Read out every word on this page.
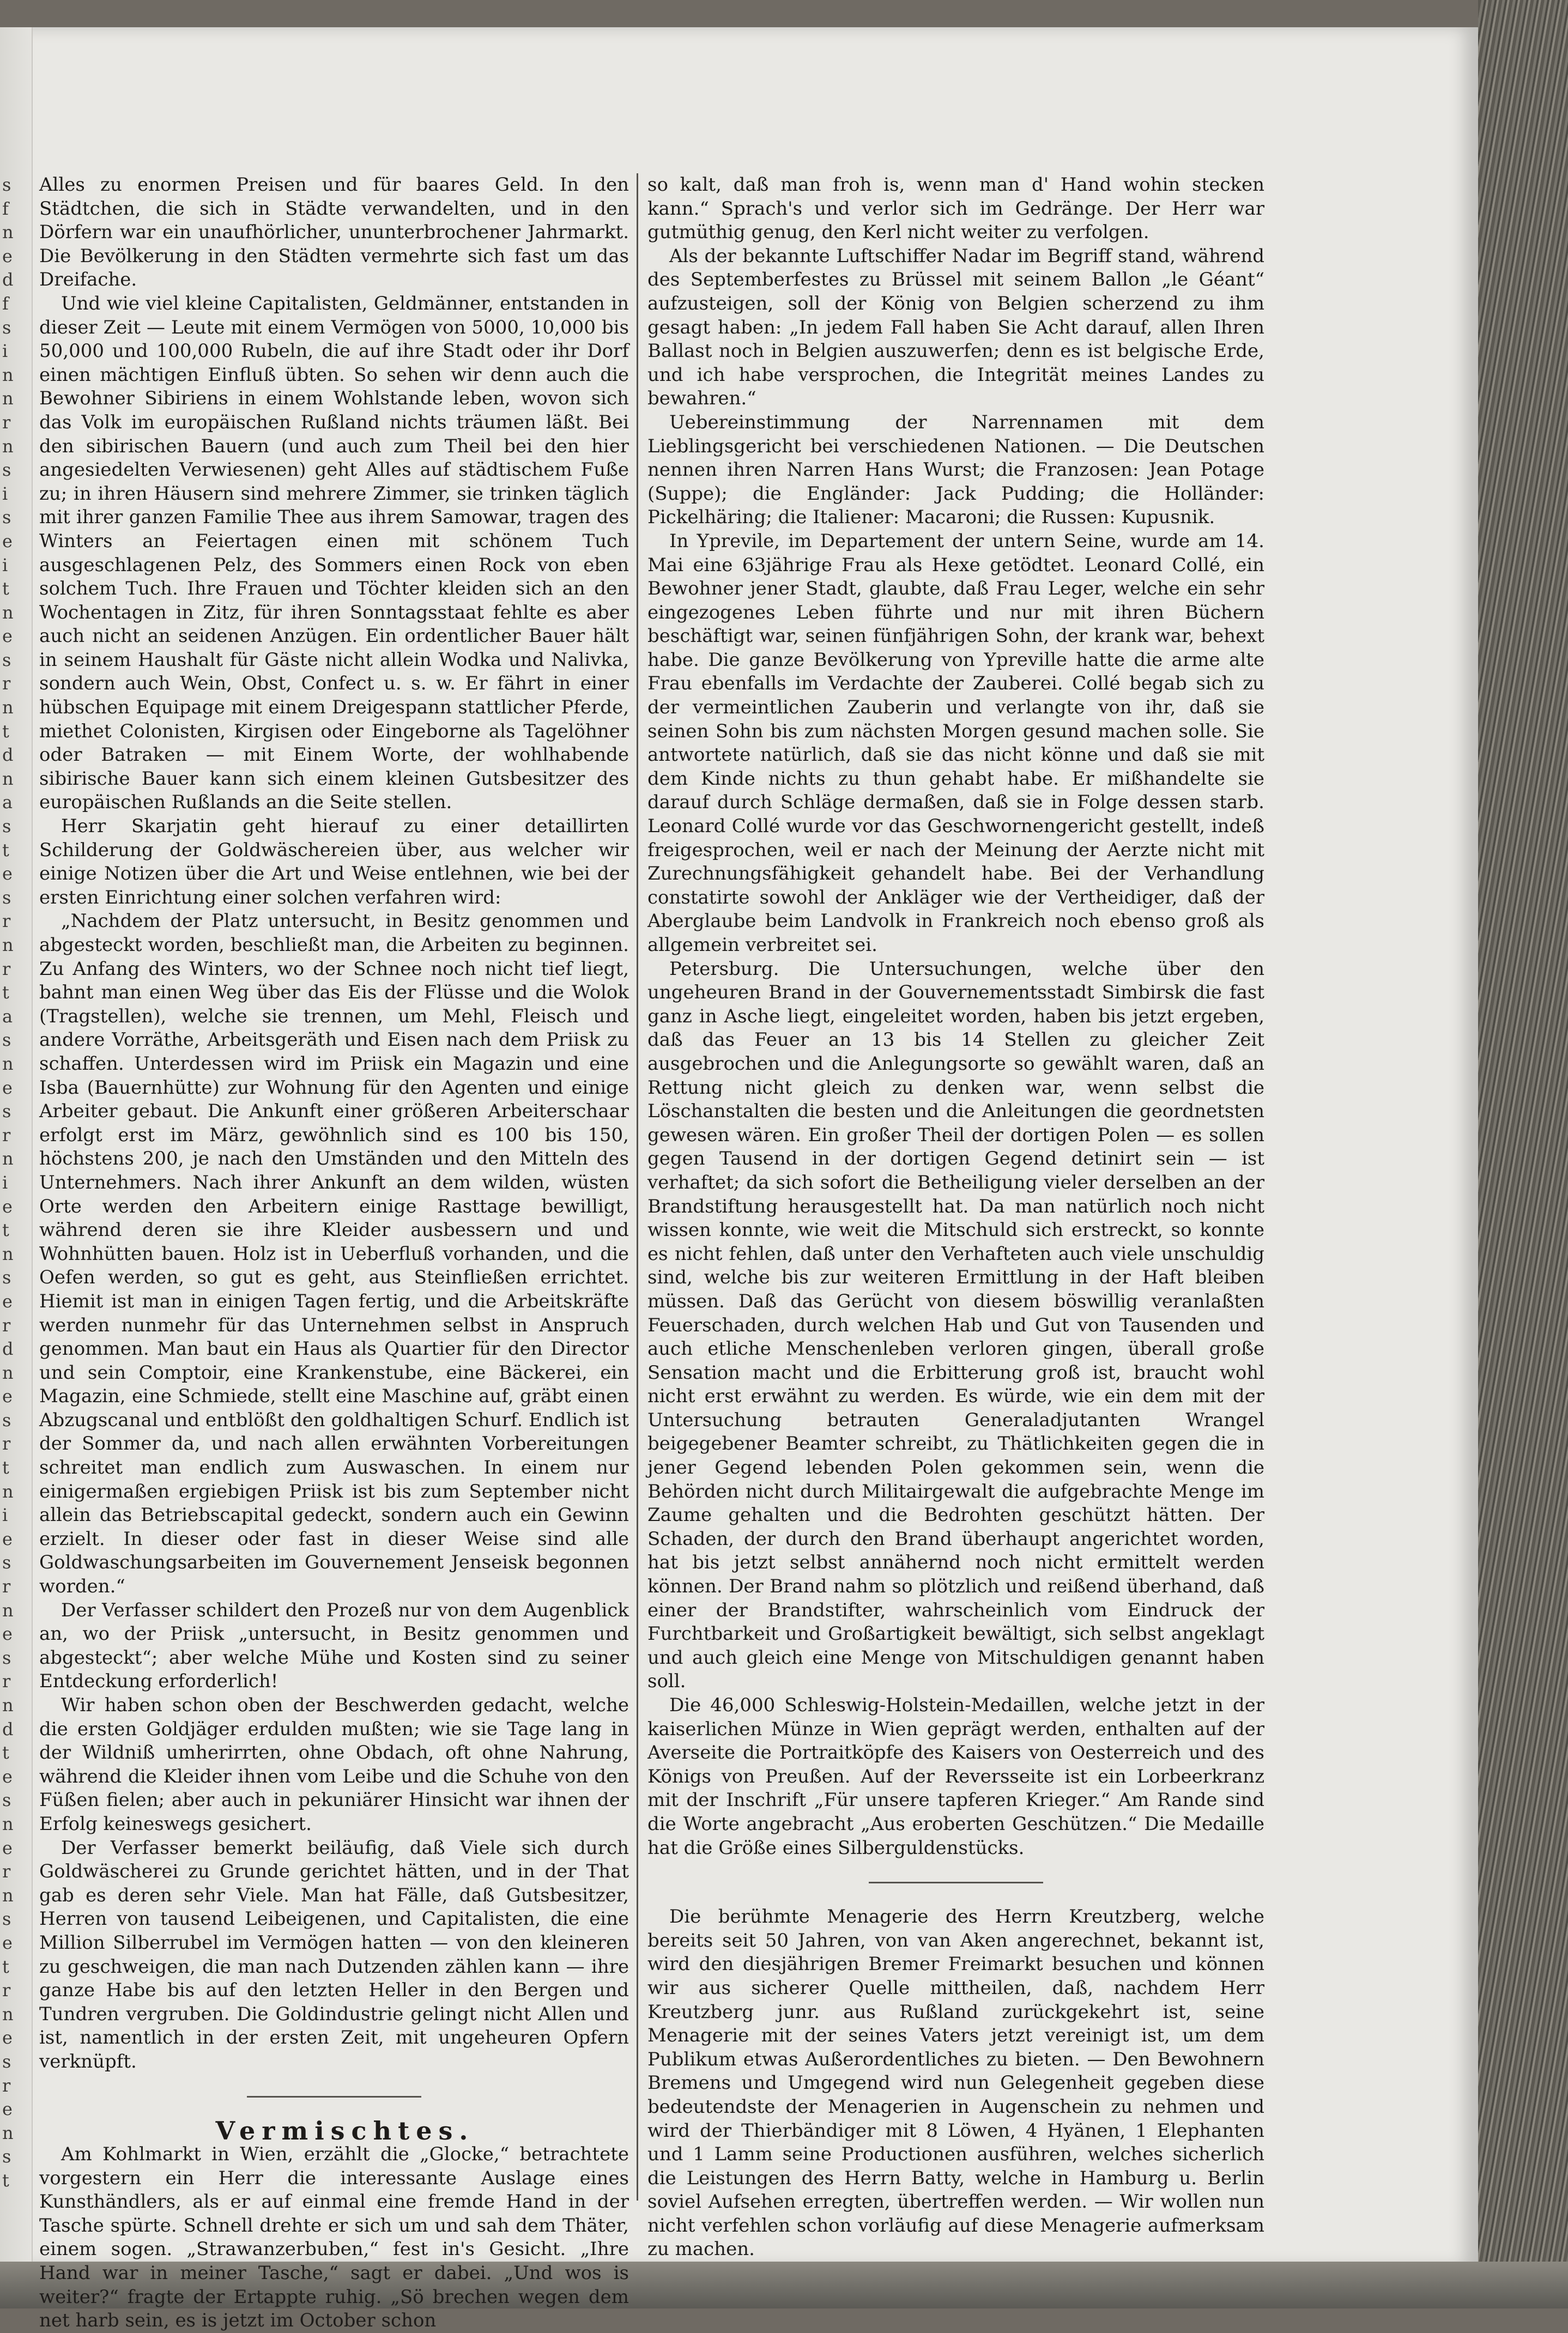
s
f
n
e
d
f
s
i
n
n
r
n
s
i
s
e
i
t
n
e
s
r
n
t
d
n
a
s
t
e
s
r
n
r
t
a
s
n
e
s
r
n
i
e
t
n
s
e
r
d
n
e
s
r
t
n
i
e
s
r
n
e
s
r
n
d
t
e
s
n
e
r
n
s
e
t
r
n
e
s
r
e
n
s
t

Alles zu enormen Preisen und für baares Geld. In den Städtchen, die sich in Städte verwandelten, und in den Dörfern war ein unaufhörlicher, ununterbrochener Jahrmarkt. Die Bevölkerung in den Städten vermehrte sich fast um das Dreifache.

Und wie viel kleine Capitalisten, Geldmänner, entstanden in dieser Zeit — Leute mit einem Vermögen von 5000, 10,000 bis 50,000 und 100,000 Rubeln, die auf ihre Stadt oder ihr Dorf einen mächtigen Einfluß übten. So sehen wir denn auch die Bewohner Sibiriens in einem Wohlstande leben, wovon sich das Volk im europäischen Rußland nichts träumen läßt. Bei den sibirischen Bauern (und auch zum Theil bei den hier angesiedelten Verwiesenen) geht Alles auf städtischem Fuße zu; in ihren Häusern sind mehrere Zimmer, sie trinken täglich mit ihrer ganzen Familie Thee aus ihrem Samowar, tragen des Winters an Feiertagen einen mit schönem Tuch ausgeschlagenen Pelz, des Sommers einen Rock von eben solchem Tuch. Ihre Frauen und Töchter kleiden sich an den Wochentagen in Zitz, für ihren Sonntagsstaat fehlte es aber auch nicht an seidenen Anzügen. Ein ordentlicher Bauer hält in seinem Haushalt für Gäste nicht allein Wodka und Nalivka, sondern auch Wein, Obst, Confect u. s. w. Er fährt in einer hübschen Equipage mit einem Dreigespann stattlicher Pferde, miethet Colonisten, Kirgisen oder Eingeborne als Tagelöhner oder Batraken — mit Einem Worte, der wohlhabende sibirische Bauer kann sich einem kleinen Gutsbesitzer des europäischen Rußlands an die Seite stellen.

Herr Skarjatin geht hierauf zu einer detaillirten Schilderung der Goldwäschereien über, aus welcher wir einige Notizen über die Art und Weise entlehnen, wie bei der ersten Einrichtung einer solchen verfahren wird:

„Nachdem der Platz untersucht, in Besitz genommen und abgesteckt worden, beschließt man, die Arbeiten zu beginnen. Zu Anfang des Winters, wo der Schnee noch nicht tief liegt, bahnt man einen Weg über das Eis der Flüsse und die Wolok (Tragstellen), welche sie trennen, um Mehl, Fleisch und andere Vorräthe, Arbeitsgeräth und Eisen nach dem Priisk zu schaffen. Unterdessen wird im Priisk ein Magazin und eine Isba (Bauernhütte) zur Wohnung für den Agenten und einige Arbeiter gebaut. Die Ankunft einer größeren Arbeiterschaar erfolgt erst im März, gewöhnlich sind es 100 bis 150, höchstens 200, je nach den Umständen und den Mitteln des Unternehmers. Nach ihrer Ankunft an dem wilden, wüsten Orte werden den Arbeitern einige Rasttage bewilligt, während deren sie ihre Kleider ausbessern und und Wohnhütten bauen. Holz ist in Ueberfluß vorhanden, und die Oefen werden, so gut es geht, aus Steinfließen errichtet. Hiemit ist man in einigen Tagen fertig, und die Arbeitskräfte werden nunmehr für das Unternehmen selbst in Anspruch genommen. Man baut ein Haus als Quartier für den Director und sein Comptoir, eine Krankenstube, eine Bäckerei, ein Magazin, eine Schmiede, stellt eine Maschine auf, gräbt einen Abzugscanal und entblößt den goldhaltigen Schurf. Endlich ist der Sommer da, und nach allen erwähnten Vorbereitungen schreitet man endlich zum Auswaschen. In einem nur einigermaßen ergiebigen Priisk ist bis zum September nicht allein das Betriebscapital gedeckt, sondern auch ein Gewinn erzielt. In dieser oder fast in dieser Weise sind alle Goldwaschungsarbeiten im Gouvernement Jenseisk begonnen worden.“

Der Verfasser schildert den Prozeß nur von dem Augenblick an, wo der Priisk „untersucht, in Besitz genommen und abgesteckt“; aber welche Mühe und Kosten sind zu seiner Entdeckung erforderlich!

Wir haben schon oben der Beschwerden gedacht, welche die ersten Goldjäger erdulden mußten; wie sie Tage lang in der Wildniß umherirrten, ohne Obdach, oft ohne Nahrung, während die Kleider ihnen vom Leibe und die Schuhe von den Füßen fielen; aber auch in pekuniärer Hinsicht war ihnen der Erfolg keineswegs gesichert.

Der Verfasser bemerkt beiläufig, daß Viele sich durch Goldwäscherei zu Grunde gerichtet hätten, und in der That gab es deren sehr Viele. Man hat Fälle, daß Gutsbesitzer, Herren von tausend Leibeigenen, und Capitalisten, die eine Million Silberrubel im Vermögen hatten — von den kleineren zu geschweigen, die man nach Dutzenden zählen kann — ihre ganze Habe bis auf den letzten Heller in den Bergen und Tundren vergruben. Die Goldindustrie gelingt nicht Allen und ist, namentlich in der ersten Zeit, mit ungeheuren Opfern verknüpft.

Vermischtes.

Am Kohlmarkt in Wien, erzählt die „Glocke,“ betrachtete vorgestern ein Herr die interessante Auslage eines Kunsthändlers, als er auf einmal eine fremde Hand in der Tasche spürte. Schnell drehte er sich um und sah dem Thäter, einem sogen. „Strawanzerbuben,“ fest in's Gesicht. „Ihre Hand war in meiner Tasche,“ sagt er dabei. „Und wos is weiter?“ fragte der Ertappte ruhig. „Sö brechen wegen dem net harb sein, es is jetzt im October schon

so kalt, daß man froh is, wenn man d' Hand wohin stecken kann.“ Sprach's und verlor sich im Gedränge. Der Herr war gutmüthig genug, den Kerl nicht weiter zu verfolgen.

Als der bekannte Luftschiffer Nadar im Begriff stand, während des Septemberfestes zu Brüssel mit seinem Ballon „le Géant“ aufzusteigen, soll der König von Belgien scherzend zu ihm gesagt haben: „In jedem Fall haben Sie Acht darauf, allen Ihren Ballast noch in Belgien auszuwerfen; denn es ist belgische Erde, und ich habe versprochen, die Integrität meines Landes zu bewahren.“

Uebereinstimmung der Narrennamen mit dem Lieblingsgericht bei verschiedenen Nationen. — Die Deutschen nennen ihren Narren Hans Wurst; die Franzosen: Jean Potage (Suppe); die Engländer: Jack Pudding; die Holländer: Pickelhäring; die Italiener: Macaroni; die Russen: Kupusnik.

In Yprevile, im Departement der untern Seine, wurde am 14. Mai eine 63jährige Frau als Hexe getödtet. Leonard Collé, ein Bewohner jener Stadt, glaubte, daß Frau Leger, welche ein sehr eingezogenes Leben führte und nur mit ihren Büchern beschäftigt war, seinen fünfjährigen Sohn, der krank war, behext habe. Die ganze Bevölkerung von Ypreville hatte die arme alte Frau ebenfalls im Verdachte der Zauberei. Collé begab sich zu der vermeintlichen Zauberin und verlangte von ihr, daß sie seinen Sohn bis zum nächsten Morgen gesund machen solle. Sie antwortete natürlich, daß sie das nicht könne und daß sie mit dem Kinde nichts zu thun gehabt habe. Er mißhandelte sie darauf durch Schläge dermaßen, daß sie in Folge dessen starb. Leonard Collé wurde vor das Geschwornengericht gestellt, indeß freigesprochen, weil er nach der Meinung der Aerzte nicht mit Zurechnungsfähigkeit gehandelt habe. Bei der Verhandlung constatirte sowohl der Ankläger wie der Vertheidiger, daß der Aberglaube beim Landvolk in Frankreich noch ebenso groß als allgemein verbreitet sei.

Petersburg. Die Untersuchungen, welche über den ungeheuren Brand in der Gouvernementsstadt Simbirsk die fast ganz in Asche liegt, eingeleitet worden, haben bis jetzt ergeben, daß das Feuer an 13 bis 14 Stellen zu gleicher Zeit ausgebrochen und die Anlegungsorte so gewählt waren, daß an Rettung nicht gleich zu denken war, wenn selbst die Löschanstalten die besten und die Anleitungen die geordnetsten gewesen wären. Ein großer Theil der dortigen Polen — es sollen gegen Tausend in der dortigen Gegend detinirt sein — ist verhaftet; da sich sofort die Betheiligung vieler derselben an der Brandstiftung herausgestellt hat. Da man natürlich noch nicht wissen konnte, wie weit die Mitschuld sich erstreckt, so konnte es nicht fehlen, daß unter den Verhafteten auch viele unschuldig sind, welche bis zur weiteren Ermittlung in der Haft bleiben müssen. Daß das Gerücht von diesem böswillig veranlaßten Feuerschaden, durch welchen Hab und Gut von Tausenden und auch etliche Menschenleben verloren gingen, überall große Sensation macht und die Erbitterung groß ist, braucht wohl nicht erst erwähnt zu werden. Es würde, wie ein dem mit der Untersuchung betrauten Generaladjutanten Wrangel beigegebener Beamter schreibt, zu Thätlichkeiten gegen die in jener Gegend lebenden Polen gekommen sein, wenn die Behörden nicht durch Militairgewalt die aufgebrachte Menge im Zaume gehalten und die Bedrohten geschützt hätten. Der Schaden, der durch den Brand überhaupt angerichtet worden, hat bis jetzt selbst annähernd noch nicht ermittelt werden können. Der Brand nahm so plötzlich und reißend überhand, daß einer der Brandstifter, wahrscheinlich vom Eindruck der Furchtbarkeit und Großartigkeit bewältigt, sich selbst angeklagt und auch gleich eine Menge von Mitschuldigen genannt haben soll.

Die 46,000 Schleswig-Holstein-Medaillen, welche jetzt in der kaiserlichen Münze in Wien geprägt werden, enthalten auf der Averseite die Portraitköpfe des Kaisers von Oesterreich und des Königs von Preußen. Auf der Reversseite ist ein Lorbeerkranz mit der Inschrift „Für unsere tapferen Krieger.“ Am Rande sind die Worte angebracht „Aus eroberten Geschützen.“ Die Medaille hat die Größe eines Silberguldenstücks.

Die berühmte Menagerie des Herrn Kreutzberg, welche bereits seit 50 Jahren, von van Aken angerechnet, bekannt ist, wird den diesjährigen Bremer Freimarkt besuchen und können wir aus sicherer Quelle mittheilen, daß, nachdem Herr Kreutzberg junr. aus Rußland zurückgekehrt ist, seine Menagerie mit der seines Vaters jetzt vereinigt ist, um dem Publikum etwas Außerordentliches zu bieten. — Den Bewohnern Bremens und Umgegend wird nun Gelegenheit gegeben diese bedeutendste der Menagerien in Augenschein zu nehmen und wird der Thierbändiger mit 8 Löwen, 4 Hyänen, 1 Elephanten und 1 Lamm seine Productionen ausführen, welches sicherlich die Leistungen des Herrn Batty, welche in Hamburg u. Berlin soviel Aufsehen erregten, übertreffen werden. — Wir wollen nun nicht verfehlen schon vorläufig auf diese Menagerie aufmerksam zu machen.
